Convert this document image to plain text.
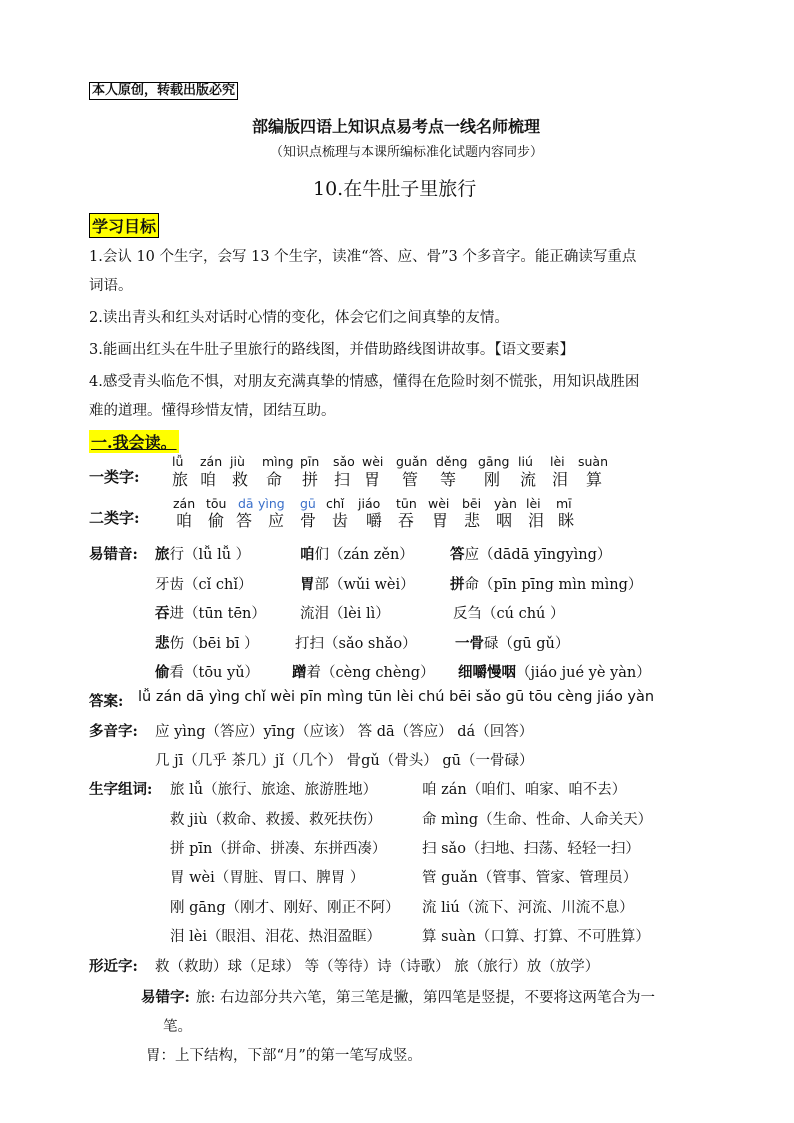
本人原创，转载出版必究
部编版四语上知识点易考点一线名师梳理
（知识点梳理与本课所编标准化试题内容同步）
10.在牛肚子里旅行
学习目标
1.会认 10 个生字，会写 13 个生字，读准“答、应、骨”3 个多音字。能正确读写重点
词语。
2.读出青头和红头对话时心情的变化，体会它们之间真挚的友情。
3.能画出红头在牛肚子里旅行的路线图，并借助路线图讲故事。【语文要素】
4.感受青头临危不惧，对朋友充满真挚的情感，懂得在危险时刻不慌张，用知识战胜困
难的道理。懂得珍惜友情，团结互助。
一.我会读。
一类字:
lǚ zán jiù mìng pīn sǎo wèi guǎn děng gāng liú lèi suàn
旅 咱 救 命 拼 扫 胃 管 等 刚 流 泪 算
二类字:
zán tōu dā yìng gū chǐ jiáo tūn wèi bēi yàn lèi mī
咱 偷 答 应 骨 齿 嚼 吞 胃 悲 咽 泪 眯
易错音: 旅行（lǚ lǚ ）	咱们（zán zěn） 答应（dādā yīngyìng）
牙齿（cǐ chǐ）	胃部（wǔi wèi） 拼命（pīn pīng mìn mìng）
吞进（tūn tēn） 流泪（lèi lì）	反刍（cú chú ）
悲伤（bēi bī ）	打扫（sǎo shǎo）	一骨碌（gū gǔ）
偷看（tōu yǔ） 蹭着（cèng chèng） 细嚼慢咽（jiáo jué yè yàn）
答案: lǚ zán dā yìng chǐ wèi pīn mìng tūn lèi chú bēi sǎo gū tōu cèng jiáo yàn
多音字: 应 yìng（答应）yīng（应该） 答 dā（答应） dá（回答）
几 jī（几乎 茶几）jǐ（几个） 骨gǔ（骨头） gū（一骨碌）
生字组词: 旅 lǚ（旅行、旅途、旅游胜地）	咱 zán（咱们、咱家、咱不去）
救 jiù（救命、救援、救死扶伤）	命 mìng（生命、性命、人命关天）
拼 pīn（拼命、拼凑、东拼西凑） 扫 sǎo（扫地、扫荡、轻轻一扫）
胃 wèi（胃脏、胃口、脾胃 ）	管 guǎn（管事、管家、管理员）
刚 gāng（刚才、刚好、刚正不阿） 流 liú（流下、河流、川流不息）
泪 lèi（眼泪、泪花、热泪盈眶）	算 suàn（口算、打算、不可胜算）
形近字: 救（救助）球（足球） 等（等待）诗（诗歌） 旅（旅行）放（放学）
易错字: 旅: 右边部分共六笔，第三笔是撇，第四笔是竖提，不要将这两笔合为一
笔。
胃：上下结构，下部“月”的第一笔写成竖。
